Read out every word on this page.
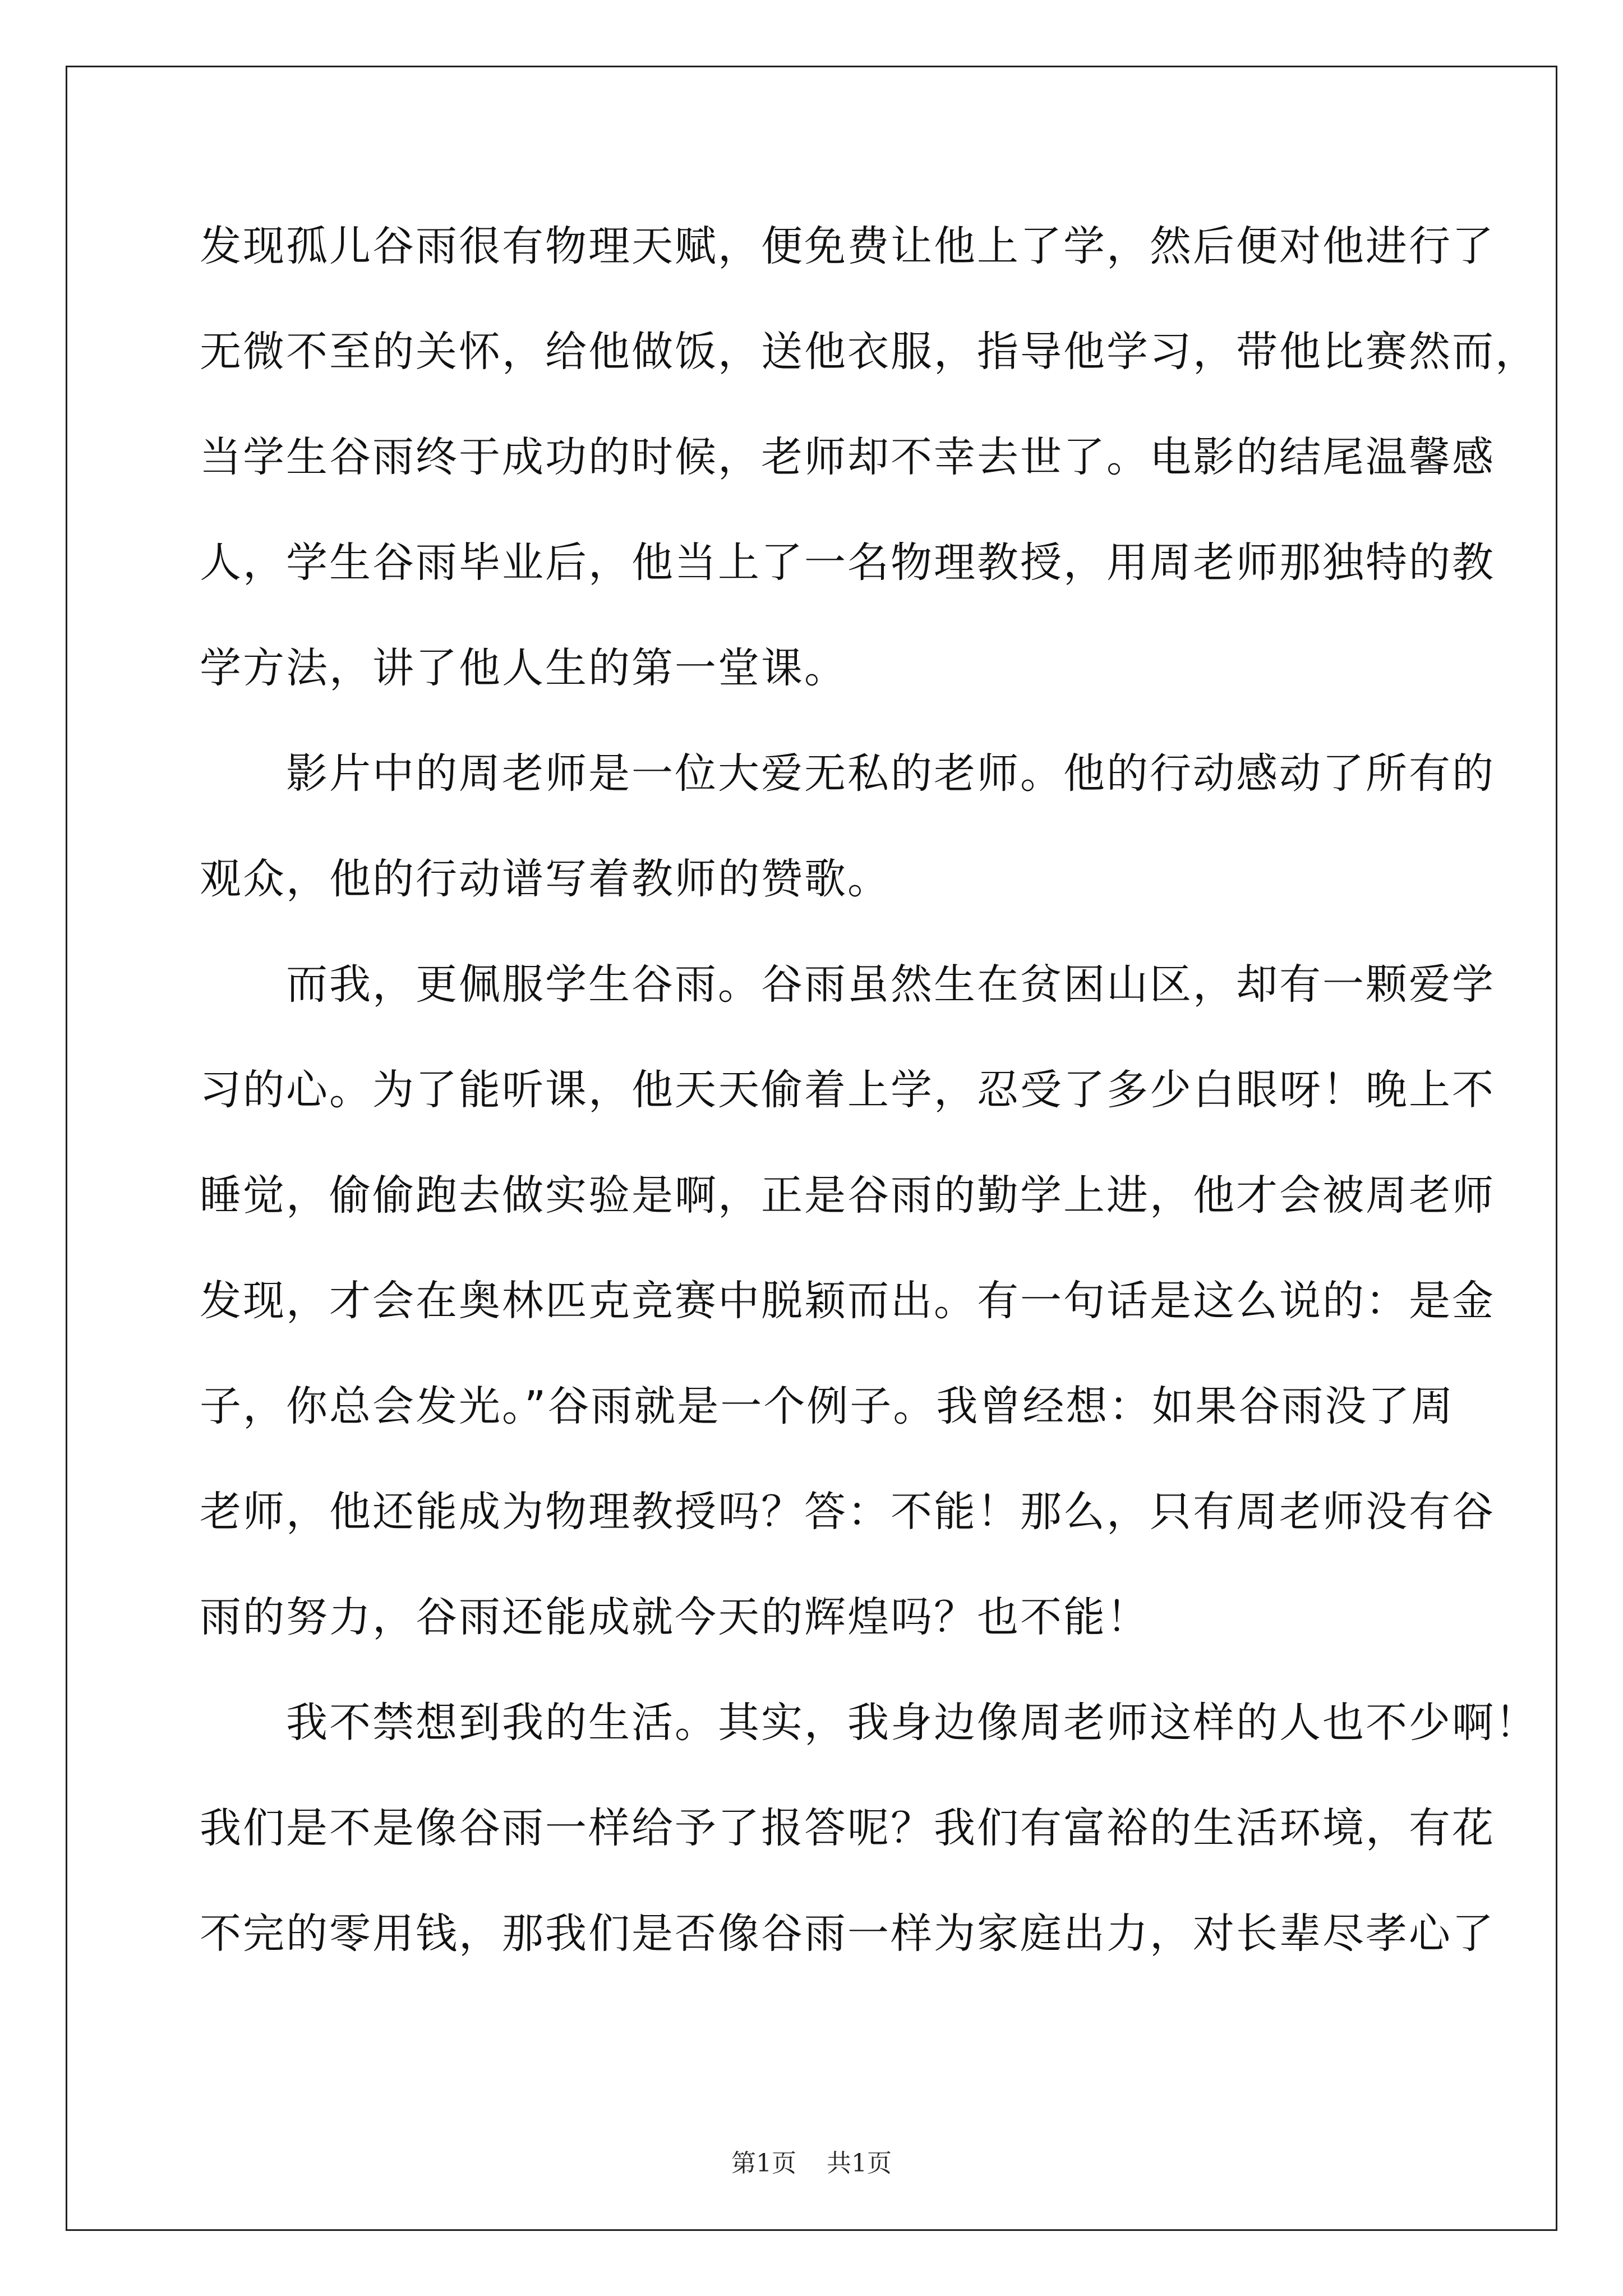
发现孤儿谷雨很有物理天赋，便免费让他上了学，然后便对他进行了
无微不至的关怀，给他做饭，送他衣服，指导他学习，带他比赛然而，
当学生谷雨终于成功的时候，老师却不幸去世了。电影的结尾温馨感
人，学生谷雨毕业后，他当上了一名物理教授，用周老师那独特的教
学方法，讲了他人生的第一堂课。
　　影片中的周老师是一位大爱无私的老师。他的行动感动了所有的
观众，他的行动谱写着教师的赞歌。
　　而我，更佩服学生谷雨。谷雨虽然生在贫困山区，却有一颗爱学
习的心。为了能听课，他天天偷着上学，忍受了多少白眼呀！晚上不
睡觉，偷偷跑去做实验是啊，正是谷雨的勤学上进，他才会被周老师
发现，才会在奥林匹克竞赛中脱颖而出。有一句话是这么说的：是金
子，你总会发光。”谷雨就是一个例子。我曾经想：如果谷雨没了周
老师，他还能成为物理教授吗？答：不能！那么，只有周老师没有谷
雨的努力，谷雨还能成就今天的辉煌吗？也不能！
　　我不禁想到我的生活。其实，我身边像周老师这样的人也不少啊！
我们是不是像谷雨一样给予了报答呢？我们有富裕的生活环境，有花
不完的零用钱，那我们是否像谷雨一样为家庭出力，对长辈尽孝心了
第1页 共1页
